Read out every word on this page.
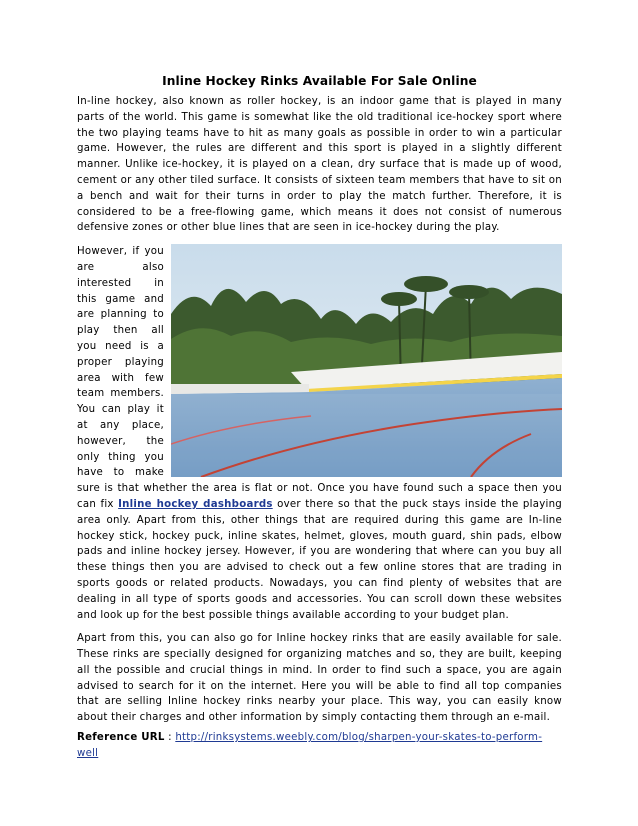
Inline Hockey Rinks Available For Sale Online

In-line hockey, also known as roller hockey, is an indoor game that is played in many parts of the world. This game is somewhat like the old traditional ice-hockey sport where the two playing teams have to hit as many goals as possible in order to win a particular game. However, the rules are different and this sport is played in a slightly different manner. Unlike ice-hockey, it is played on a clean, dry surface that is made up of wood, cement or any other tiled surface. It consists of sixteen team members that have to sit on a bench and wait for their turns in order to play the match further. Therefore, it is considered to be a free-flowing game, which means it does not consist of numerous defensive zones or other blue lines that are seen in ice-hockey during the play.

However, if you are also interested in this game and are planning to play then all you need is a proper playing area with few team members. You can play it at any place, however, the only thing you have to make sure is that whether the area is flat or not. Once you have found such a space then you can fix Inline hockey dashboards over there so that the puck stays inside the playing area only. Apart from this, other things that are required during this game are In-line hockey stick, hockey puck, inline skates, helmet, gloves, mouth guard, shin pads, elbow pads and inline hockey jersey. However, if you are wondering that where can you buy all these things then you are advised to check out a few online stores that are trading in sports goods or related products. Nowadays, you can find plenty of websites that are dealing in all type of sports goods and accessories. You can scroll down these websites and look up for the best possible things available according to your budget plan.

Apart from this, you can also go for Inline hockey rinks that are easily available for sale. These rinks are specially designed for organizing matches and so, they are built, keeping all the possible and crucial things in mind. In order to find such a space, you are again advised to search for it on the internet. Here you will be able to find all top companies that are selling Inline hockey rinks nearby your place. This way, you can easily know about their charges and other information by simply contacting them through an e-mail.

Reference URL : http://rinksystems.weebly.com/blog/sharpen-your-skates-to-perform-well
